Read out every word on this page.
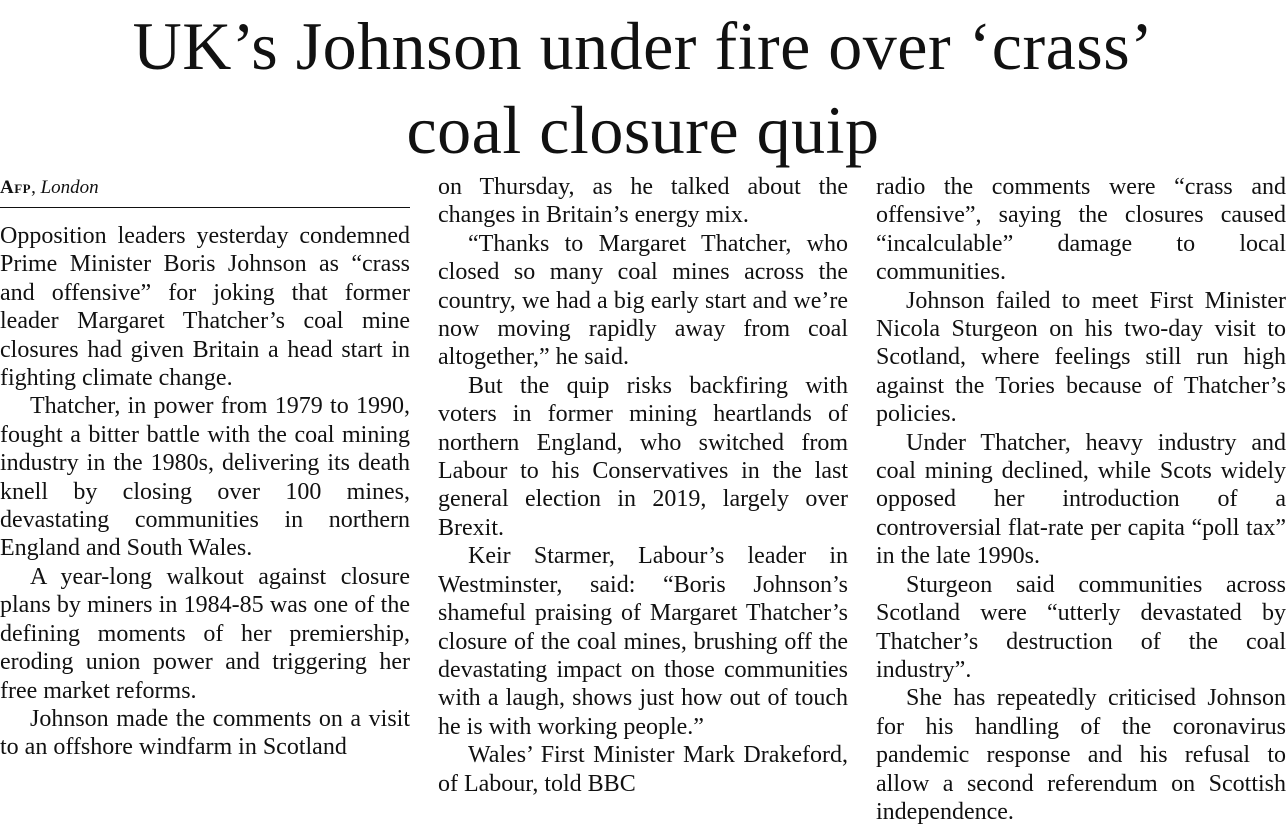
UK’s Johnson under fire over ‘crass’
coal closure quip
Afp, London

Opposition leaders yesterday condemned Prime Minister Boris Johnson as “crass and offensive” for joking that former leader Margaret Thatcher’s coal mine closures had given Britain a head start in fighting climate change.

Thatcher, in power from 1979 to 1990, fought a bitter battle with the coal mining industry in the 1980s, delivering its death knell by closing over 100 mines, devastating communities in northern England and South Wales.

A year-long walkout against closure plans by miners in 1984-85 was one of the defining moments of her premiership, eroding union power and triggering her free market reforms.

Johnson made the comments on a visit to an offshore windfarm in Scotland

on Thursday, as he talked about the changes in Britain’s energy mix.

“Thanks to Margaret Thatcher, who closed so many coal mines across the country, we had a big early start and we’re now moving rapidly away from coal altogether,” he said.

But the quip risks backfiring with voters in former mining heartlands of northern England, who switched from Labour to his Conservatives in the last general election in 2019, largely over Brexit.

Keir Starmer, Labour’s leader in Westminster, said: “Boris Johnson’s shameful praising of Margaret Thatcher’s closure of the coal mines, brushing off the devastating impact on those communities with a laugh, shows just how out of touch he is with working people.”

Wales’ First Minister Mark Drakeford, of Labour, told BBC

radio the comments were “crass and offensive”, saying the closures caused “incalculable” damage to local communities.

Johnson failed to meet First Minister Nicola Sturgeon on his two-day visit to Scotland, where feelings still run high against the Tories because of Thatcher’s policies.

Under Thatcher, heavy industry and coal mining declined, while Scots widely opposed her introduction of a controversial flat-rate per capita “poll tax” in the late 1990s.

Sturgeon said communities across Scotland were “utterly devastated by Thatcher’s destruction of the coal industry”.

She has repeatedly criticised Johnson for his handling of the coronavirus pandemic response and his refusal to allow a second referendum on Scottish independence.
